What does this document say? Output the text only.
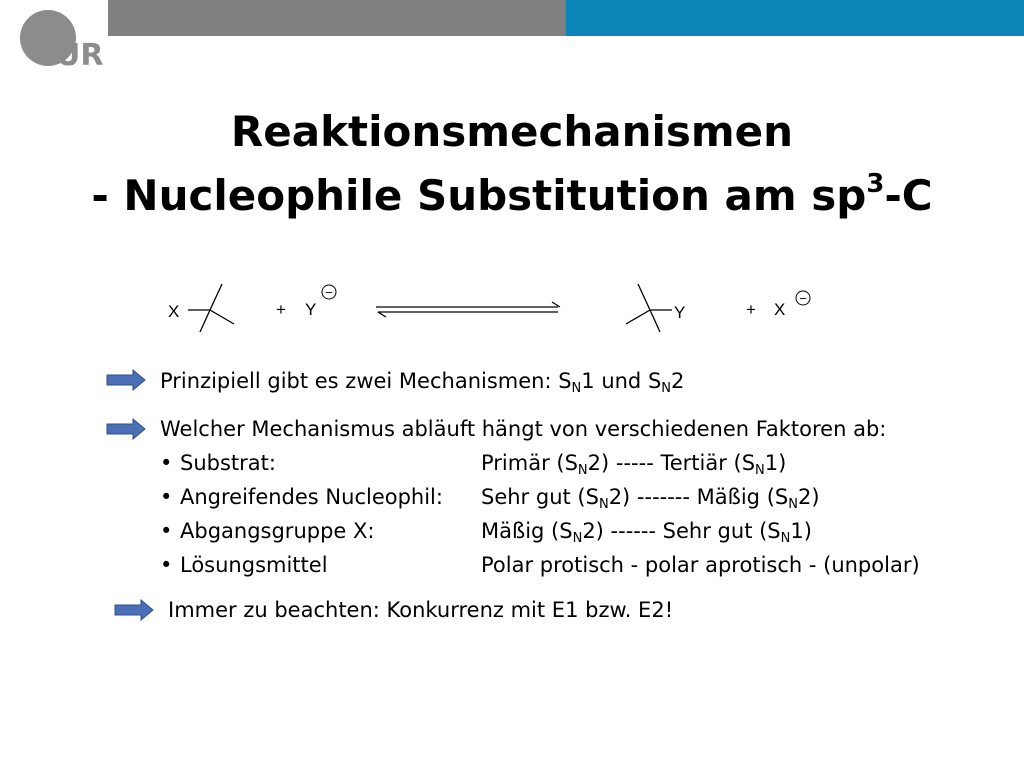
UR
Reaktionsmechanismen
- Nucleophile Substitution am $sp^3-C$
X	+ Y
−
Y	+ X
−
Prinzipiell gibt es zwei Mechanismen: $S_N1$ und $S_N2$
Welcher Mechanismus abläuft hängt von verschiedenen Faktoren ab:
• Substrat:	Primär $(S_N2)$ ----- Tertiär $(S_N1)$
• Angreifendes Nucleophil: Sehr gut $(S_N2)$ ------- Mäßig $(S_N2)$
• Abgangsgruppe X:	Mäßig $(S_N2)$ ------ Sehr gut $(S_N1)$
• Lösungsmittel	Polar protisch - polar aprotisch - (unpolar)
Immer zu beachten: Konkurrenz mit E1 bzw. E2!
